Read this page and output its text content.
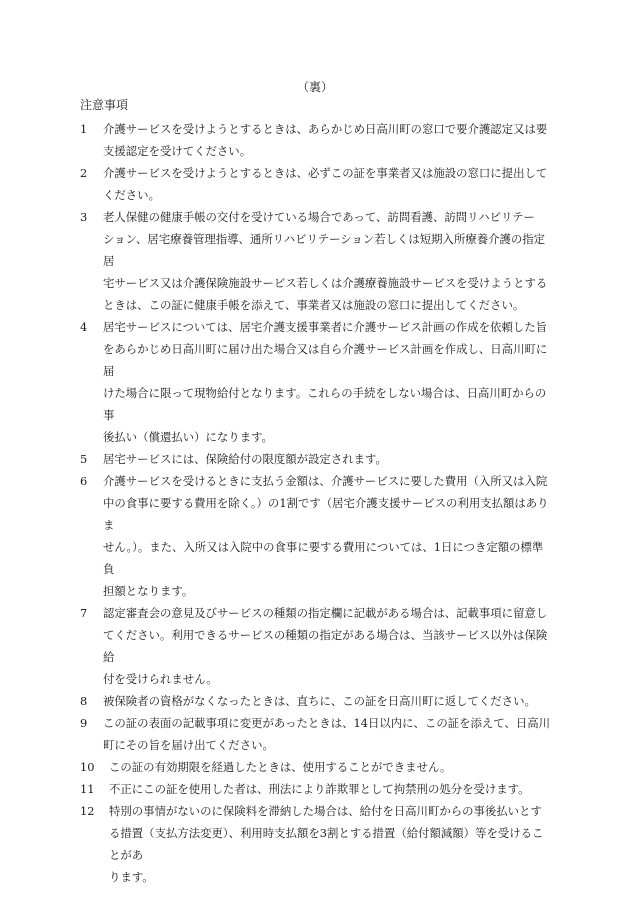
（裏）
注意事項
1	介護サービスを受けようとするときは、あらかじめ日高川町の窓口で要介護認定又は要
支援認定を受けてください。
2	介護サービスを受けようとするときは、必ずこの証を事業者又は施設の窓口に提出して
ください。
3	老人保健の健康手帳の交付を受けている場合であって、訪問看護、訪問リハビリテー
ション、居宅療養管理指導、通所リハビリテーション若しくは短期入所療養介護の指定居
宅サービス又は介護保険施設サービス若しくは介護療養施設サービスを受けようとする
ときは、この証に健康手帳を添えて、事業者又は施設の窓口に提出してください。
4	居宅サービスについては、居宅介護支援事業者に介護サービス計画の作成を依頼した旨
をあらかじめ日高川町に届け出た場合又は自ら介護サービス計画を作成し、日高川町に届
けた場合に限って現物給付となります。これらの手続をしない場合は、日高川町からの事
後払い（償還払い）になります。
5	居宅サービスには、保険給付の限度額が設定されます。
6	介護サービスを受けるときに支払う金額は、介護サービスに要した費用（入所又は入院
中の食事に要する費用を除く。）の1割です（居宅介護支援サービスの利用支払額はありま
せん。）。また、入所又は入院中の食事に要する費用については、1日につき定額の標準負
担額となります。
7	認定審査会の意見及びサービスの種類の指定欄に記載がある場合は、記載事項に留意し
てください。利用できるサービスの種類の指定がある場合は、当該サービス以外は保険給
付を受けられません。
8	被保険者の資格がなくなったときは、直ちに、この証を日高川町に返してください。
9	この証の表面の記載事項に変更があったときは、14日以内に、この証を添えて、日高川
町にその旨を届け出てください。
10	この証の有効期限を経過したときは、使用することができません。
11	不正にこの証を使用した者は、刑法により詐欺罪として拘禁刑の処分を受けます。
12	特別の事情がないのに保険料を滞納した場合は、給付を日高川町からの事後払いとす
る措置（支払方法変更）、利用時支払額を3割とする措置（給付額減額）等を受けることがあ
ります。
